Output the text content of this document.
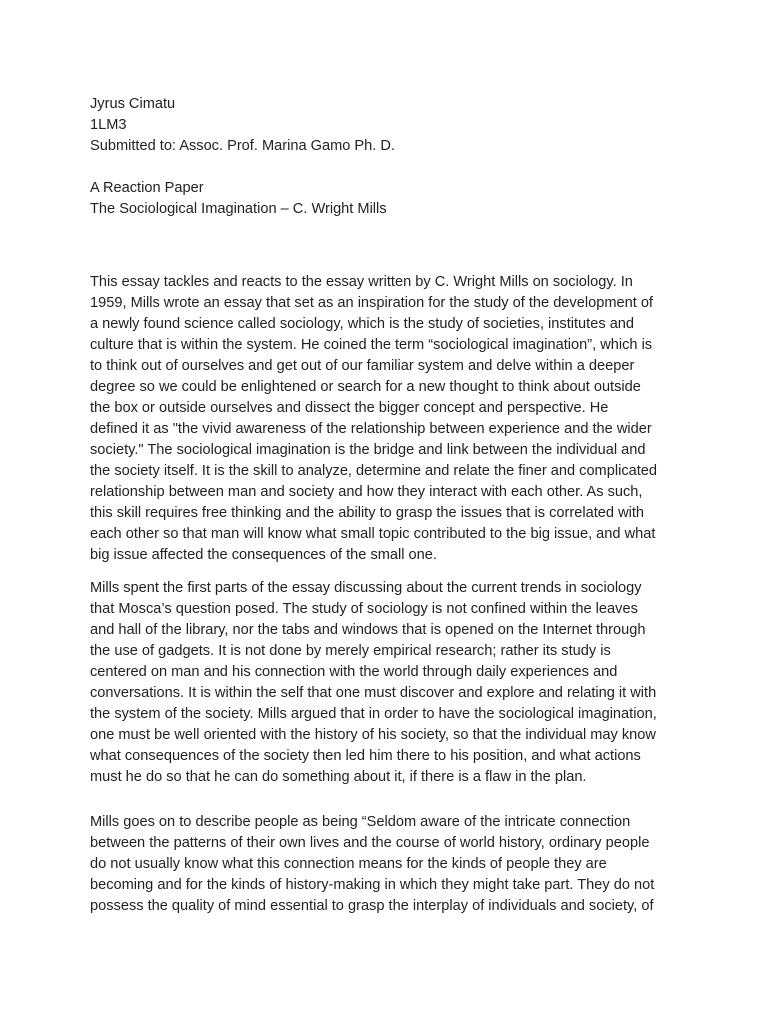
Jyrus Cimatu
1LM3
Submitted to: Assoc. Prof. Marina Gamo Ph. D.
A Reaction Paper
The Sociological Imagination – C. Wright Mills
This essay tackles and reacts to the essay written by C. Wright Mills on sociology. In
1959, Mills wrote an essay that set as an inspiration for the study of the development of
a newly found science called sociology, which is the study of societies, institutes and
culture that is within the system. He coined the term “sociological imagination”, which is
to think out of ourselves and get out of our familiar system and delve within a deeper
degree so we could be enlightened or search for a new thought to think about outside
the box or outside ourselves and dissect the bigger concept and perspective. He
defined it as "the vivid awareness of the relationship between experience and the wider
society." The sociological imagination is the bridge and link between the individual and
the society itself. It is the skill to analyze, determine and relate the finer and complicated
relationship between man and society and how they interact with each other. As such,
this skill requires free thinking and the ability to grasp the issues that is correlated with
each other so that man will know what small topic contributed to the big issue, and what
big issue affected the consequences of the small one.
Mills spent the first parts of the essay discussing about the current trends in sociology
that Mosca’s question posed. The study of sociology is not confined within the leaves
and hall of the library, nor the tabs and windows that is opened on the Internet through
the use of gadgets. It is not done by merely empirical research; rather its study is
centered on man and his connection with the world through daily experiences and
conversations. It is within the self that one must discover and explore and relating it with
the system of the society. Mills argued that in order to have the sociological imagination,
one must be well oriented with the history of his society, so that the individual may know
what consequences of the society then led him there to his position, and what actions
must he do so that he can do something about it, if there is a flaw in the plan.
Mills goes on to describe people as being “Seldom aware of the intricate connection
between the patterns of their own lives and the course of world history, ordinary people
do not usually know what this connection means for the kinds of people they are
becoming and for the kinds of history-making in which they might take part. They do not
possess the quality of mind essential to grasp the interplay of individuals and society, of
